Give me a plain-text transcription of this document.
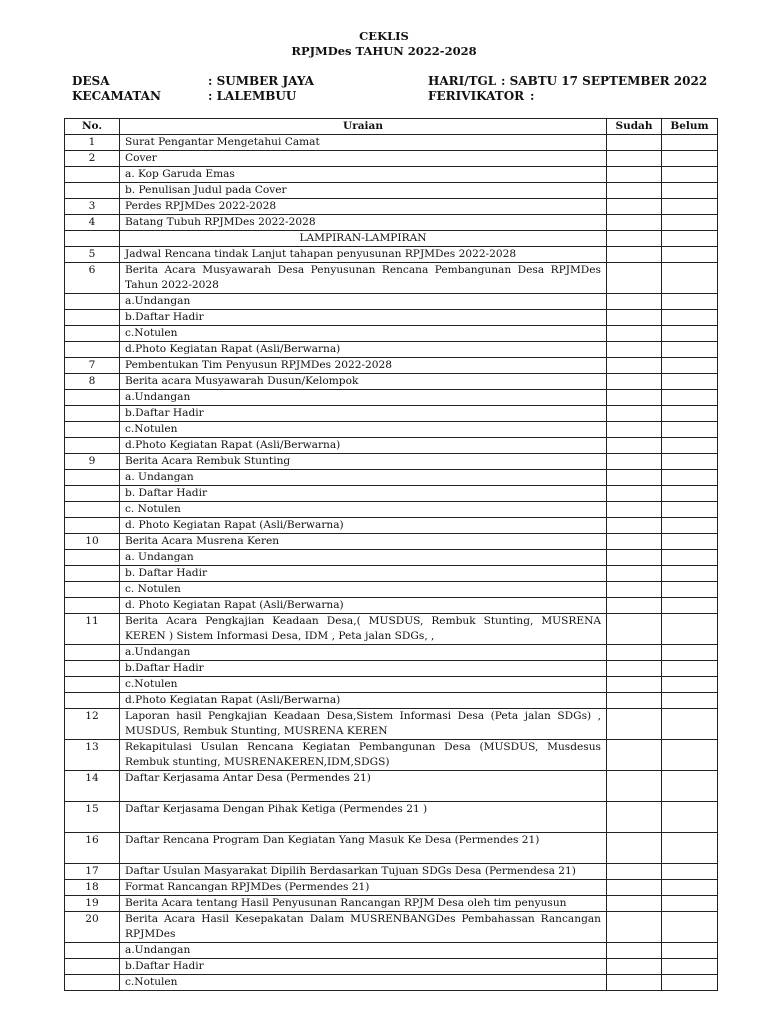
CEKLIS
RPJMDes TAHUN 2022-2028
DESA	: SUMBER JAYA	HARI/TGL : SABTU 17 SEPTEMBER 2022
KECAMATAN	: LALEMBUU	FERIVIKATOR :
No.	Uraian	Sudah	Belum
1	Surat Pengantar Mengetahui Camat		
2	Cover		
	a. Kop Garuda Emas		
	b. Penulisan Judul pada Cover		
3	Perdes RPJMDes 2022-2028		
4	Batang Tubuh RPJMDes 2022-2028		
	LAMPIRAN-LAMPIRAN		
5	Jadwal Rencana tindak Lanjut tahapan penyusunan RPJMDes 2022-2028		
6	Berita Acara Musyawarah Desa Penyusunan Rencana Pembangunan Desa RPJMDes Tahun 2022-2028		
	a.Undangan		
	b.Daftar Hadir		
	c.Notulen		
	d.Photo Kegiatan Rapat (Asli/Berwarna)		
7	Pembentukan Tim Penyusun RPJMDes 2022-2028		
8	Berita acara Musyawarah Dusun/Kelompok		
	a.Undangan		
	b.Daftar Hadir		
	c.Notulen		
	d.Photo Kegiatan Rapat (Asli/Berwarna)		
9	Berita Acara Rembuk Stunting		
	a. Undangan		
	b. Daftar Hadir		
	c. Notulen		
	d. Photo Kegiatan Rapat (Asli/Berwarna)		
10	Berita Acara Musrena Keren		
	a. Undangan		
	b. Daftar Hadir		
	c. Notulen		
	d. Photo Kegiatan Rapat (Asli/Berwarna)		
11	Berita Acara Pengkajian Keadaan Desa,( MUSDUS, Rembuk Stunting, MUSRENA KEREN ) Sistem Informasi Desa, IDM , Peta jalan SDGs, ,		
	a.Undangan		
	b.Daftar Hadir		
	c.Notulen		
	d.Photo Kegiatan Rapat (Asli/Berwarna)		
12	Laporan hasil Pengkajian Keadaan Desa,Sistem Informasi Desa (Peta jalan SDGs) , MUSDUS, Rembuk Stunting, MUSRENA KEREN		
13	Rekapitulasi Usulan Rencana Kegiatan Pembangunan Desa (MUSDUS, Musdesus Rembuk stunting, MUSRENAKEREN,IDM,SDGS)		
14	Daftar Kerjasama Antar Desa (Permendes 21)		
15	Daftar Kerjasama Dengan Pihak Ketiga (Permendes 21 )		
16	Daftar Rencana Program Dan Kegiatan Yang Masuk Ke Desa (Permendes 21)		
17	Daftar Usulan Masyarakat Dipilih Berdasarkan Tujuan SDGs Desa (Permendesa 21)		
18	Format Rancangan RPJMDes (Permendes 21)		
19	Berita Acara tentang Hasil Penyusunan Rancangan RPJM Desa oleh tim penyusun		
20	Berita Acara Hasil Kesepakatan Dalam MUSRENBANGDes Pembahassan Rancangan RPJMDes		
	a.Undangan		
	b.Daftar Hadir		
	c.Notulen		
